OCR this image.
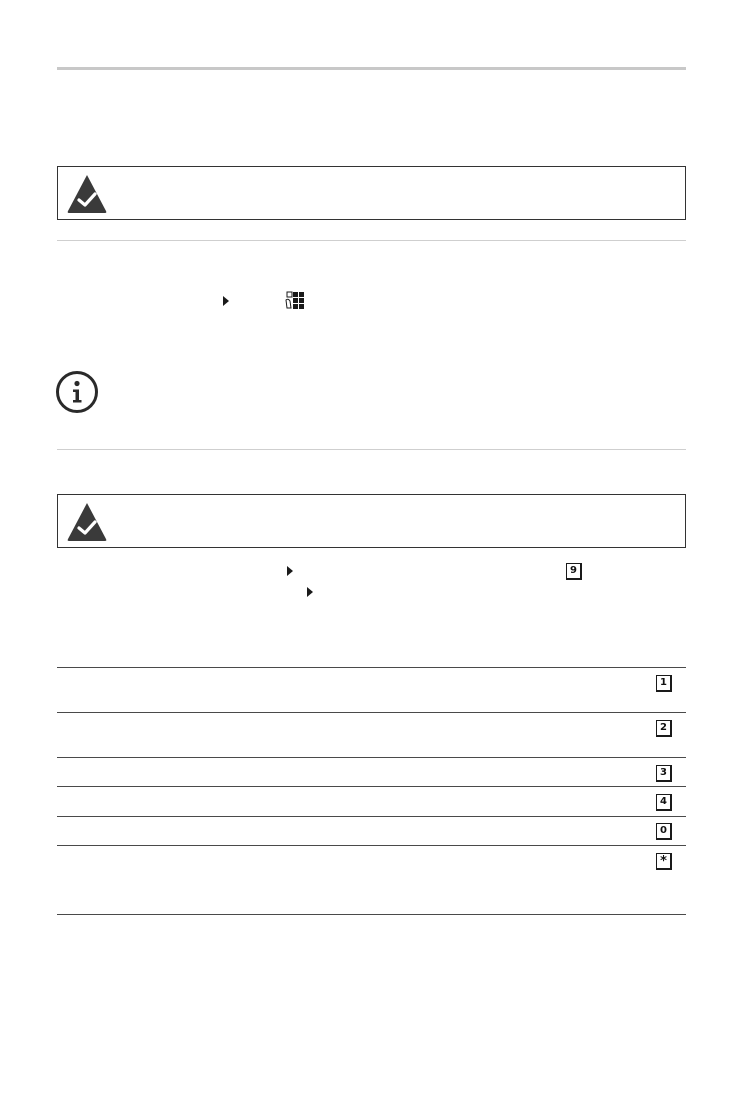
9
1
2
3
4
0
*
